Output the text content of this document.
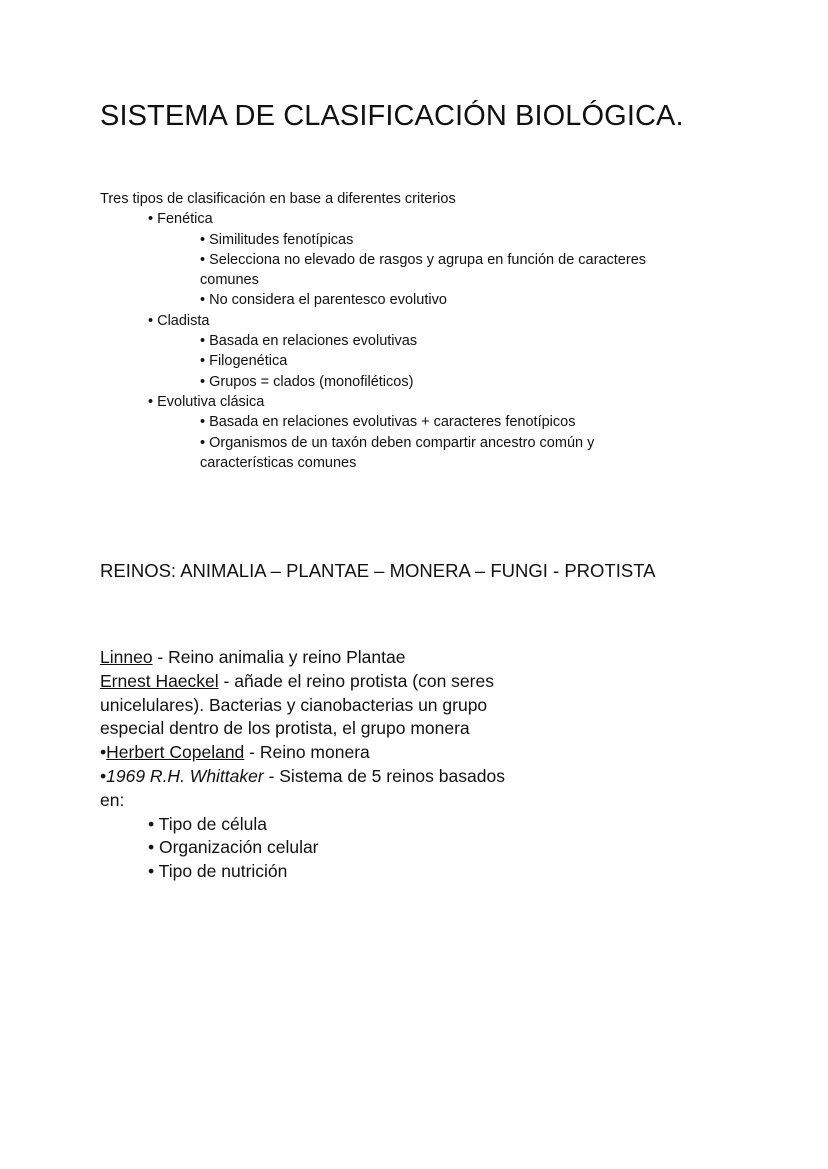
SISTEMA DE CLASIFICACIÓN BIOLÓGICA.
Tres tipos de clasificación en base a diferentes criterios
• Fenética
• Similitudes fenotípicas
• Selecciona no elevado de rasgos y agrupa en función de caracteres comunes
• No considera el parentesco evolutivo
• Cladista
• Basada en relaciones evolutivas
• Filogenética
• Grupos = clados (monofiléticos)
• Evolutiva clásica
• Basada en relaciones evolutivas + caracteres fenotípicos
• Organismos de un taxón deben compartir ancestro común y características comunes
REINOS: ANIMALIA – PLANTAE – MONERA – FUNGI - PROTISTA
Linneo - Reino animalia y reino Plantae
Ernest Haeckel - añade el reino protista (con seres unicelulares). Bacterias y cianobacterias un grupo especial dentro de los protista, el grupo monera
•Herbert Copeland - Reino monera
•1969 R.H. Whittaker - Sistema de 5 reinos basados en:
• Tipo de célula
• Organización celular
• Tipo de nutrición
